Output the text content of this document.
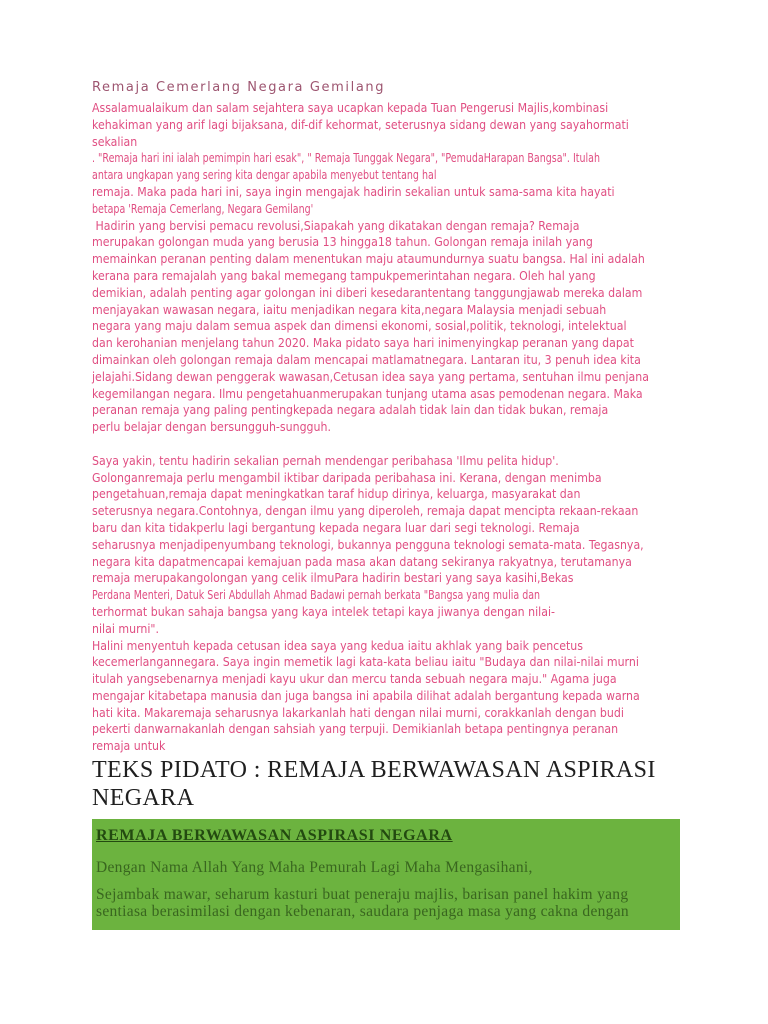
Remaja Cemerlang Negara Gemilang
Assalamualaikum dan salam sejahtera saya ucapkan kepada Tuan Pengerusi Majlis,kombinasi
kehakiman yang arif lagi bijaksana, dif-dif kehormat, seterusnya sidang dewan yang sayahormati
sekalian
. "Remaja hari ini ialah pemimpin hari esak", " Remaja Tunggak Negara", "PemudaHarapan Bangsa". Itulah
antara ungkapan yang sering kita dengar apabila menyebut tentang hal
remaja. Maka pada hari ini, saya ingin mengajak hadirin sekalian untuk sama-sama kita hayati
betapa 'Remaja Cemerlang, Negara Gemilang'
Hadirin yang bervisi pemacu revolusi,Siapakah yang dikatakan dengan remaja? Remaja
merupakan golongan muda yang berusia 13 hingga18 tahun. Golongan remaja inilah yang
memainkan peranan penting dalam menentukan maju ataumundurnya suatu bangsa. Hal ini adalah
kerana para remajalah yang bakal memegang tampukpemerintahan negara. Oleh hal yang
demikian, adalah penting agar golongan ini diberi kesedarantentang tanggungjawab mereka dalam
menjayakan wawasan negara, iaitu menjadikan negara kita,negara Malaysia menjadi sebuah
negara yang maju dalam semua aspek dan dimensi ekonomi, sosial,politik, teknologi, intelektual
dan kerohanian menjelang tahun 2020. Maka pidato saya hari inimenyingkap peranan yang dapat
dimainkan oleh golongan remaja dalam mencapai matlamatnegara. Lantaran itu, 3 penuh idea kita
jelajahi.Sidang dewan penggerak wawasan,Cetusan idea saya yang pertama, sentuhan ilmu penjana
kegemilangan negara. Ilmu pengetahuanmerupakan tunjang utama asas pemodenan negara. Maka
peranan remaja yang paling pentingkepada negara adalah tidak lain dan tidak bukan, remaja
perlu belajar dengan bersungguh-sungguh.
Saya yakin, tentu hadirin sekalian pernah mendengar peribahasa 'Ilmu pelita hidup'.
Golonganremaja perlu mengambil iktibar daripada peribahasa ini. Kerana, dengan menimba
pengetahuan,remaja dapat meningkatkan taraf hidup dirinya, keluarga, masyarakat dan
seterusnya negara.Contohnya, dengan ilmu yang diperoleh, remaja dapat mencipta rekaan-rekaan
baru dan kita tidakperlu lagi bergantung kepada negara luar dari segi teknologi. Remaja
seharusnya menjadipenyumbang teknologi, bukannya pengguna teknologi semata-mata. Tegasnya,
negara kita dapatmencapai kemajuan pada masa akan datang sekiranya rakyatnya, terutamanya
remaja merupakangolongan yang celik ilmuPara hadirin bestari yang saya kasihi,Bekas
Perdana Menteri, Datuk Seri Abdullah Ahmad Badawi pernah berkata "Bangsa yang mulia dan
terhormat bukan sahaja bangsa yang kaya intelek tetapi kaya jiwanya dengan nilai-
nilai murni".
Halini menyentuh kepada cetusan idea saya yang kedua iaitu akhlak yang baik pencetus
kecemerlangannegara. Saya ingin memetik lagi kata-kata beliau iaitu "Budaya dan nilai-nilai murni
itulah yangsebenarnya menjadi kayu ukur dan mercu tanda sebuah negara maju." Agama juga
mengajar kitabetapa manusia dan juga bangsa ini apabila dilihat adalah bergantung kepada warna
hati kita. Makaremaja seharusnya lakarkanlah hati dengan nilai murni, corakkanlah dengan budi
pekerti danwarnakanlah dengan sahsiah yang terpuji. Demikianlah betapa pentingnya peranan
remaja untuk
TEKS PIDATO : REMAJA BERWAWASAN ASPIRASI
NEGARA
REMAJA BERWAWASAN ASPIRASI NEGARA
Dengan Nama Allah Yang Maha Pemurah Lagi Maha Mengasihani,
Sejambak mawar, seharum kasturi buat peneraju majlis, barisan panel hakim yang sentiasa berasimilasi dengan kebenaran, saudara penjaga masa yang cakna dengan
